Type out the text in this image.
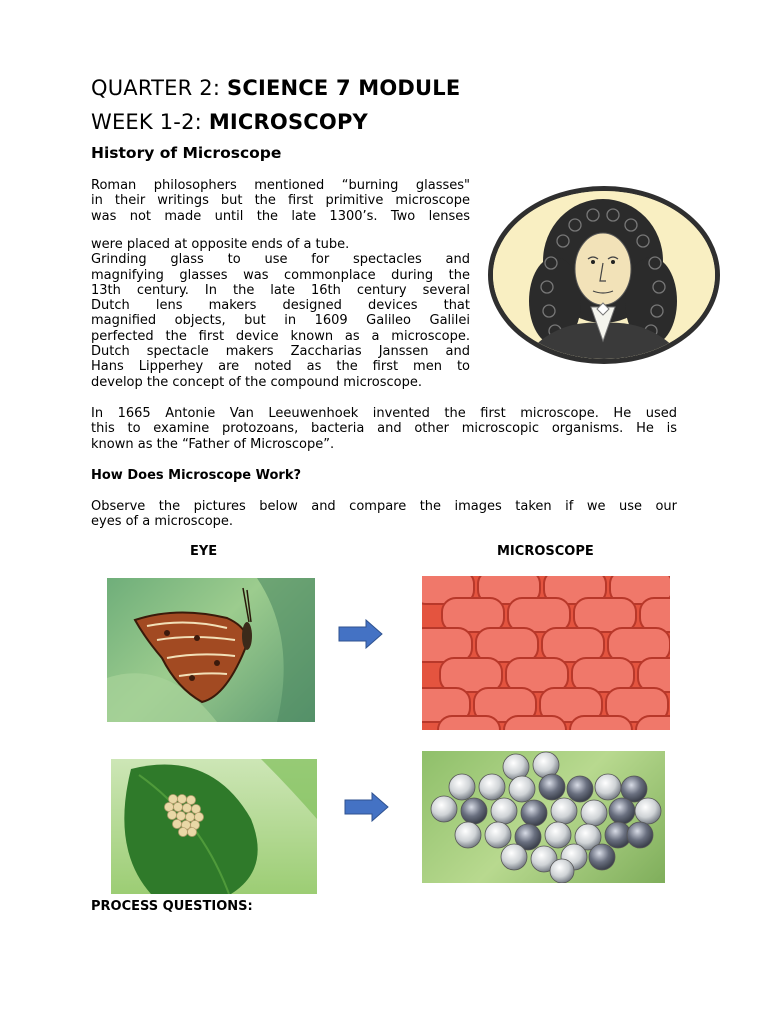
QUARTER 2: SCIENCE 7 MODULE
WEEK 1-2: MICROSCOPY
History of Microscope
Roman philosophers mentioned “burning glasses"
in their writings but the first primitive microscope
was not made until the late 1300’s. Two lenses
were placed at opposite ends of a tube.
Grinding glass to use for spectacles and
magnifying glasses was commonplace during the
13th century. In the late 16th century several
Dutch lens makers designed devices that
magnified objects, but in 1609 Galileo Galilei
perfected the first device known as a microscope.
Dutch spectacle makers Zaccharias Janssen and
Hans Lipperhey are noted as the first men to
develop the concept of the compound microscope.
In 1665 Antonie Van Leeuwenhoek invented the first microscope. He used
this to examine protozoans, bacteria and other microscopic organisms. He is
known as the “Father of Microscope”.
How Does Microscope Work?
Observe the pictures below and compare the images taken if we use our
eyes of a microscope.
EYE	MICROSCOPE
PROCESS QUESTIONS:
